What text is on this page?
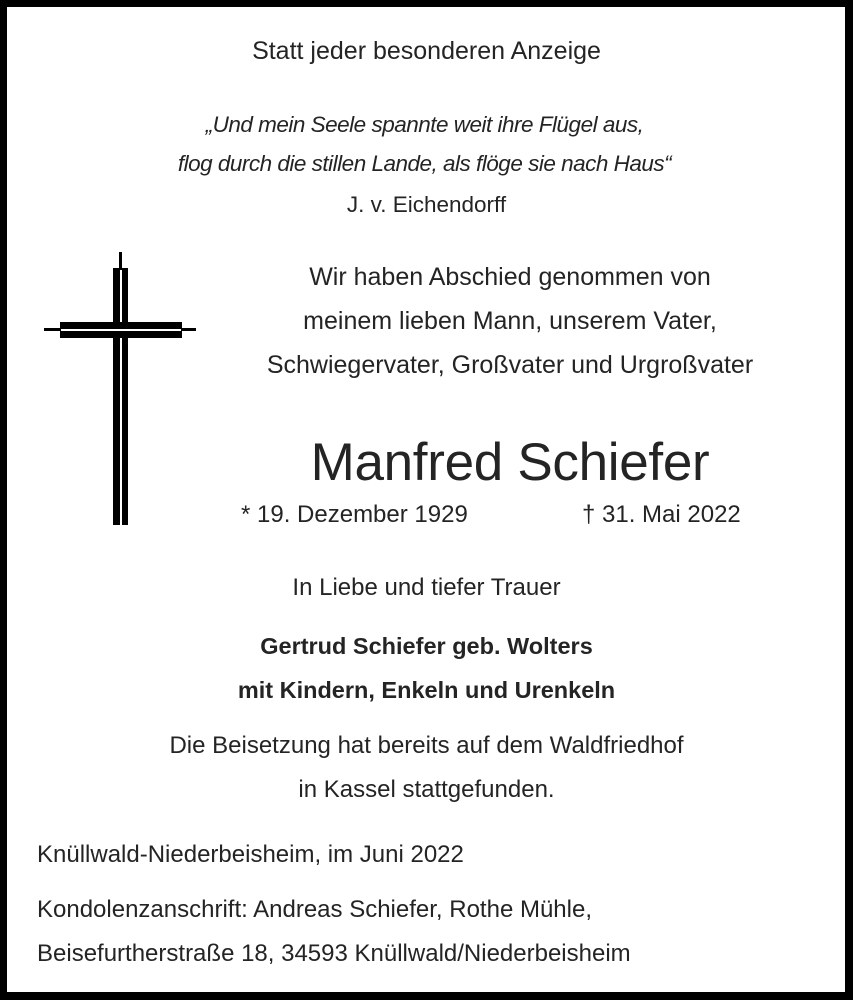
Statt jeder besonderen Anzeige
„Und mein Seele spannte weit ihre Flügel aus,
flog durch die stillen Lande, als flöge sie nach Haus“
J. v. Eichendorff
Wir haben Abschied genommen von
meinem lieben Mann, unserem Vater,
Schwiegervater, Großvater und Urgroßvater
Manfred Schiefer
* 19. Dezember 1929	† 31. Mai 2022
In Liebe und tiefer Trauer
Gertrud Schiefer geb. Wolters
mit Kindern, Enkeln und Urenkeln
Die Beisetzung hat bereits auf dem Waldfriedhof
in Kassel stattgefunden.
Knüllwald-Niederbeisheim, im Juni 2022
Kondolenzanschrift: Andreas Schiefer, Rothe Mühle,
Beisefurtherstraße 18, 34593 Knüllwald/Niederbeisheim
